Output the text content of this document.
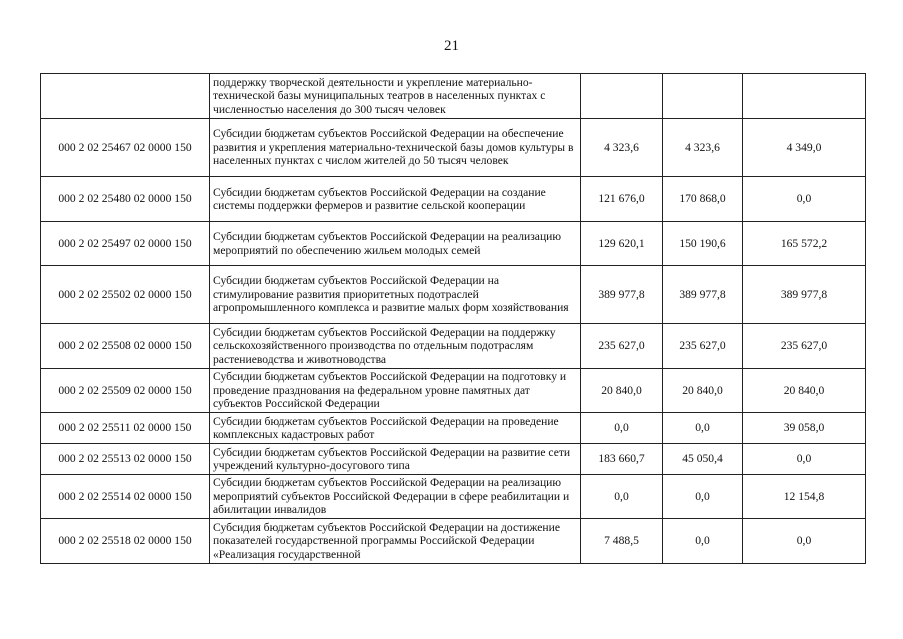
21
	поддержку творческой деятельности и укрепление материально-технической базы муниципальных театров в населенных пунктах с численностью населения до 300 тысяч человек			
000 2 02 25467 02 0000 150	Субсидии бюджетам субъектов Российской Федерации на обеспечение развития и укрепления материально-технической базы домов культуры в населенных пунктах с числом жителей до 50 тысяч человек	4 323,6	4 323,6	4 349,0
000 2 02 25480 02 0000 150	Субсидии бюджетам субъектов Российской Федерации на создание системы поддержки фермеров и развитие сельской кооперации	121 676,0	170 868,0	0,0
000 2 02 25497 02 0000 150	Субсидии бюджетам субъектов Российской Федерации на реализацию мероприятий по обеспечению жильем молодых семей	129 620,1	150 190,6	165 572,2
000 2 02 25502 02 0000 150	Субсидии бюджетам субъектов Российской Федерации на стимулирование развития приоритетных подотраслей агропромышленного комплекса и развитие малых форм хозяйствования	389 977,8	389 977,8	389 977,8
000 2 02 25508 02 0000 150	Субсидии бюджетам субъектов Российской Федерации на поддержку сельскохозяйственного производства по отдельным подотраслям растениеводства и животноводства	235 627,0	235 627,0	235 627,0
000 2 02 25509 02 0000 150	Субсидии бюджетам субъектов Российской Федерации на подготовку и проведение празднования на федеральном уровне памятных дат субъектов Российской Федерации	20 840,0	20 840,0	20 840,0
000 2 02 25511 02 0000 150	Субсидии бюджетам субъектов Российской Федерации на проведение комплексных кадастровых работ	0,0	0,0	39 058,0
000 2 02 25513 02 0000 150	Субсидии бюджетам субъектов Российской Федерации на развитие сети учреждений культурно-досугового типа	183 660,7	45 050,4	0,0
000 2 02 25514 02 0000 150	Субсидии бюджетам субъектов Российской Федерации на реализацию мероприятий субъектов Российской Федерации в сфере реабилитации и абилитации инвалидов	0,0	0,0	12 154,8
000 2 02 25518 02 0000 150	Субсидия бюджетам субъектов Российской Федерации на достижение показателей государственной программы Российской Федерации «Реализация государственной	7 488,5	0,0	0,0
